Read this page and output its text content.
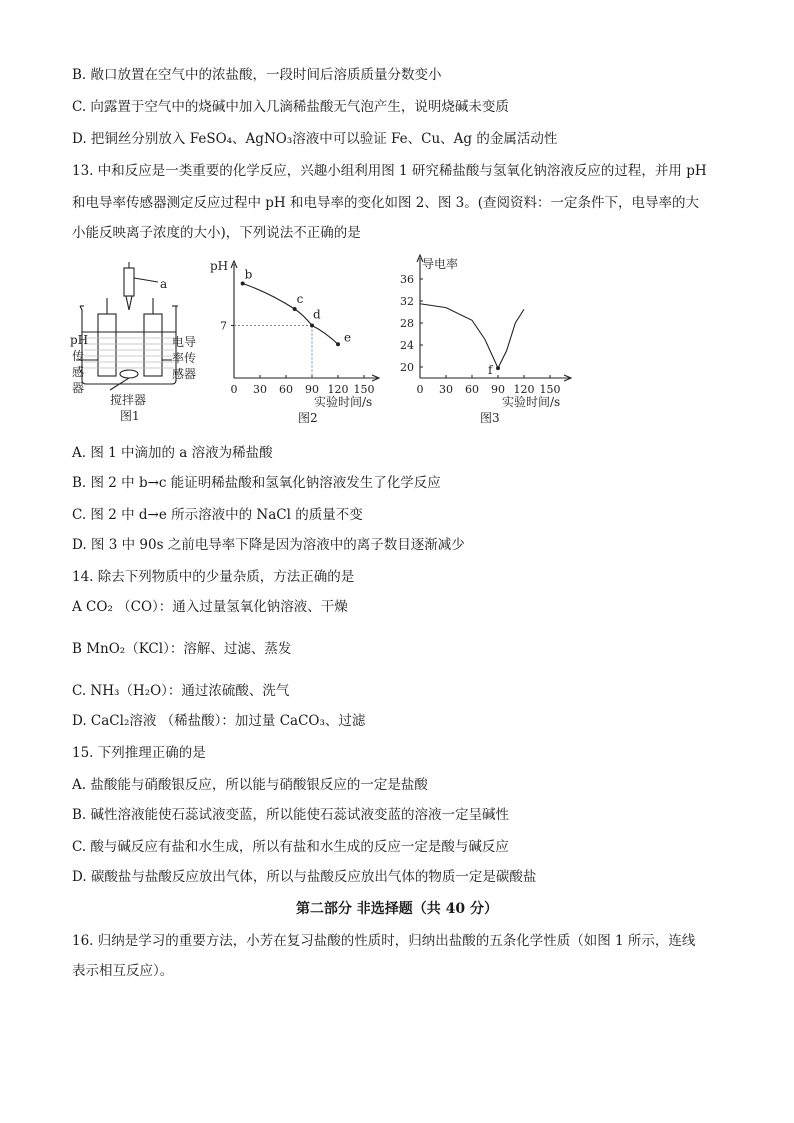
B. 敞口放置在空气中的浓盐酸，一段时间后溶质质量分数变小
C. 向露置于空气中的烧碱中加入几滴稀盐酸无气泡产生，说明烧碱未变质
D. 把铜丝分别放入 FeSO₄、AgNO₃溶液中可以验证 Fe、Cu、Ag 的金属活动性
13. 中和反应是一类重要的化学反应，兴趣小组利用图 1 研究稀盐酸与氢氧化钠溶液反应的过程，并用 pH
和电导率传感器测定反应过程中 pH 和电导率的变化如图 2、图 3。(查阅资料：一定条件下，电导率的大
小能反映离子浓度的大小)，下列说法不正确的是
a
pH
传
感
器
电导
率传
感器
搅拌器
图1
pH
0 30 60 90 120 150
实验时间/s
7
b
c
d
e
图2
导电率
36
32
28
24
20
0 30 60 90 120 150
实验时间/s
f
图3
A. 图 1 中滴加的 a 溶液为稀盐酸
B. 图 2 中 b→c 能证明稀盐酸和氢氧化钠溶液发生了化学反应
C. 图 2 中 d→e 所示溶液中的 NaCl 的质量不变
D. 图 3 中 90s 之前电导率下降是因为溶液中的离子数目逐渐减少
14. 除去下列物质中的少量杂质，方法正确的是
A CO₂ （CO）：通入过量氢氧化钠溶液、干燥
B MnO₂（KCl）：溶解、过滤、蒸发
C. NH₃（H₂O）：通过浓硫酸、洗气
D. CaCl₂溶液 （稀盐酸）：加过量 CaCO₃、过滤
15. 下列推理正确的是
A. 盐酸能与硝酸银反应，所以能与硝酸银反应的一定是盐酸
B. 碱性溶液能使石蕊试液变蓝，所以能使石蕊试液变蓝的溶液一定呈碱性
C. 酸与碱反应有盐和水生成，所以有盐和水生成的反应一定是酸与碱反应
D. 碳酸盐与盐酸反应放出气体，所以与盐酸反应放出气体的物质一定是碳酸盐
第二部分 非选择题（共 40 分）
16. 归纳是学习的重要方法，小芳在复习盐酸的性质时，归纳出盐酸的五条化学性质（如图 1 所示，连线
表示相互反应）。
